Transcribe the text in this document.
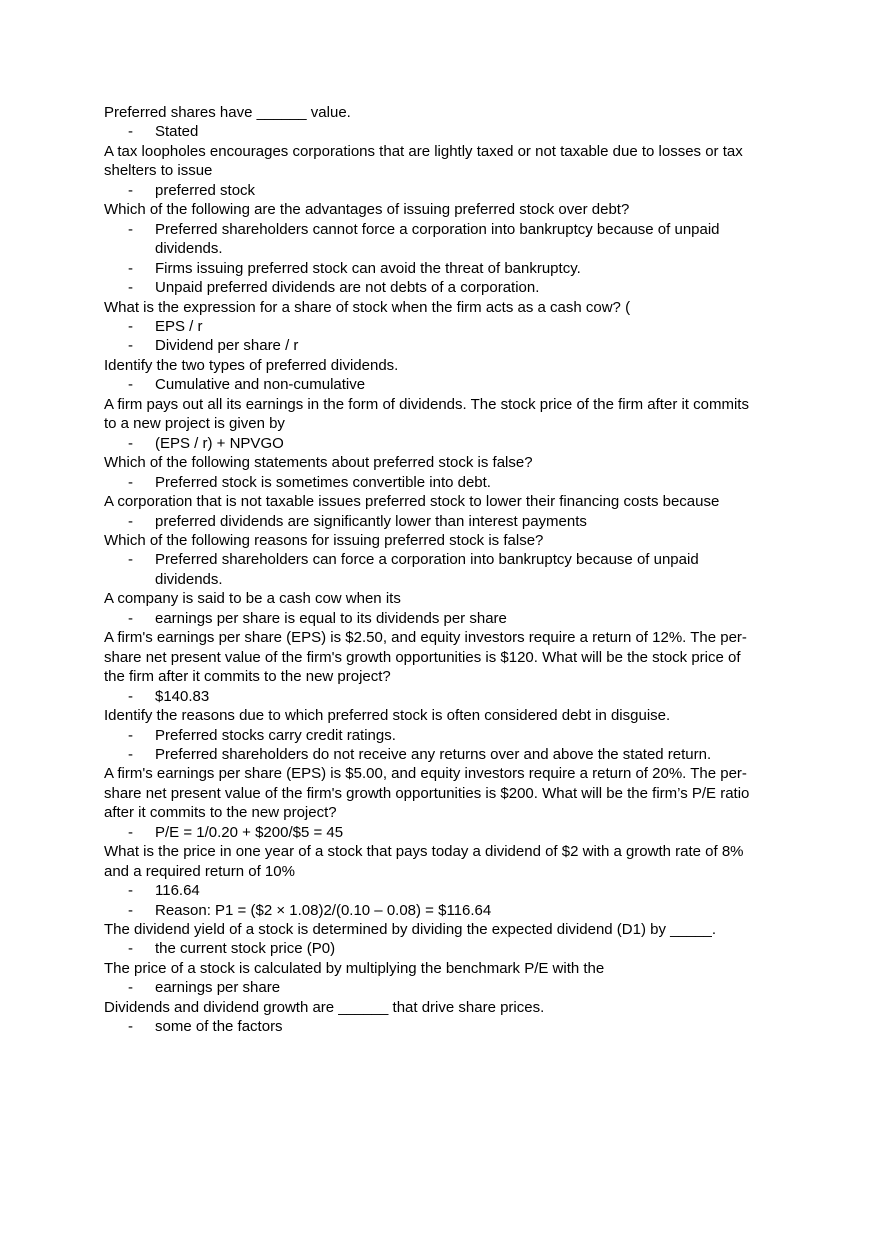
Preferred shares have ______ value.

- Stated

A tax loopholes encourages corporations that are lightly taxed or not taxable due to losses or tax shelters to issue

- preferred stock

Which of the following are the advantages of issuing preferred stock over debt?

- Preferred shareholders cannot force a corporation into bankruptcy because of unpaid dividends.
- Firms issuing preferred stock can avoid the threat of bankruptcy.
- Unpaid preferred dividends are not debts of a corporation.

What is the expression for a share of stock when the firm acts as a cash cow? (

- EPS / r
- Dividend per share / r

Identify the two types of preferred dividends.

- Cumulative and non-cumulative

A firm pays out all its earnings in the form of dividends. The stock price of the firm after it commits to a new project is given by

- (EPS / r) + NPVGO

Which of the following statements about preferred stock is false?

- Preferred stock is sometimes convertible into debt.

A corporation that is not taxable issues preferred stock to lower their financing costs because

- preferred dividends are significantly lower than interest payments

Which of the following reasons for issuing preferred stock is false?

- Preferred shareholders can force a corporation into bankruptcy because of unpaid dividends.

A company is said to be a cash cow when its

- earnings per share is equal to its dividends per share

A firm's earnings per share (EPS) is $2.50, and equity investors require a return of 12%. The per-share net present value of the firm's growth opportunities is $120. What will be the stock price of the firm after it commits to the new project?

- $140.83

Identify the reasons due to which preferred stock is often considered debt in disguise.

- Preferred stocks carry credit ratings.
- Preferred shareholders do not receive any returns over and above the stated return.

A firm's earnings per share (EPS) is $5.00, and equity investors require a return of 20%. The per-share net present value of the firm's growth opportunities is $200. What will be the firm’s P/E ratio after it commits to the new project?

- P/E = 1/0.20 + $200/$5 = 45

What is the price in one year of a stock that pays today a dividend of $2 with a growth rate of 8% and a required return of 10%

- 116.64
- Reason: P1 = ($2 × 1.08)2/(0.10 – 0.08) = $116.64

The dividend yield of a stock is determined by dividing the expected dividend (D1) by _____.

- the current stock price (P0)

The price of a stock is calculated by multiplying the benchmark P/E with the

- earnings per share

Dividends and dividend growth are ______ that drive share prices.

- some of the factors
